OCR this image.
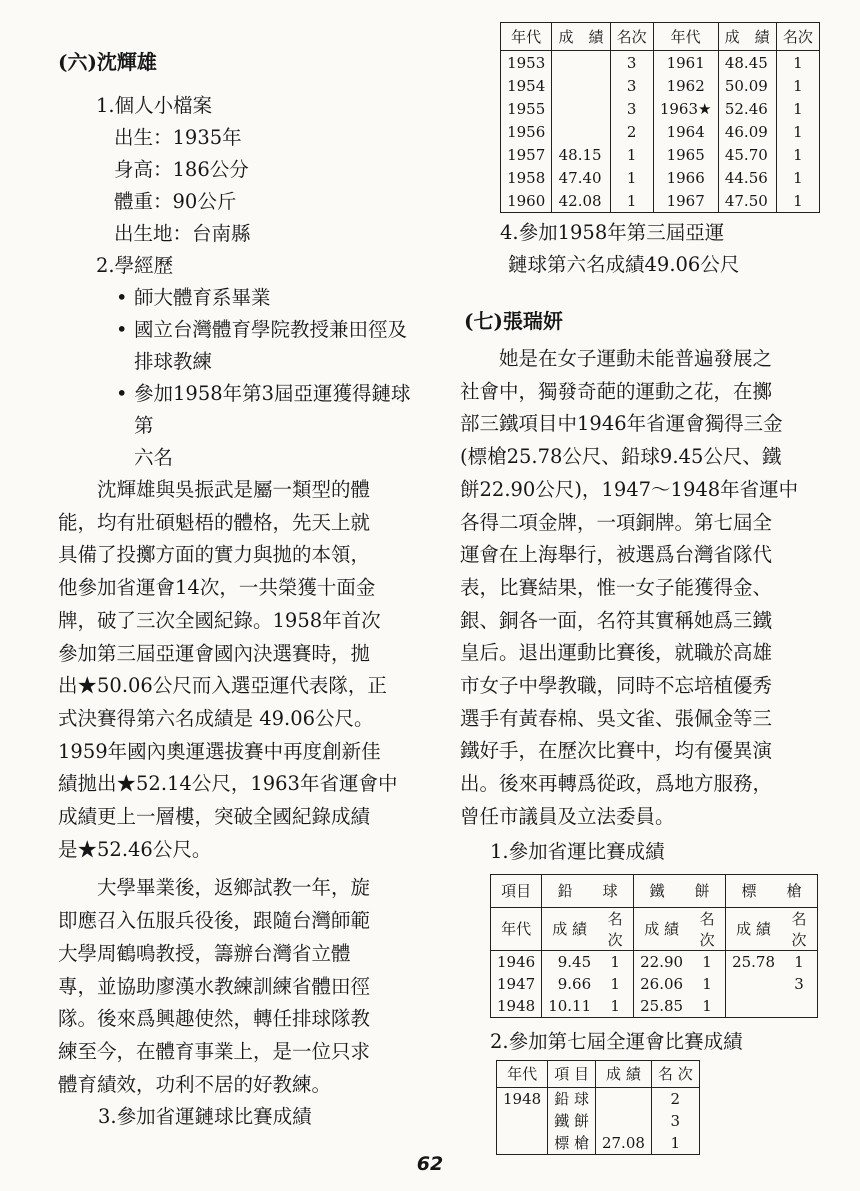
(六)沈輝雄

1.個人小檔案

出生：1935年

身高：186公分

體重：90公斤

出生地：台南縣

2.學經歷

• 師大體育系畢業
• 國立台灣體育學院教授兼田徑及
排球教練
• 參加1958年第3屆亞運獲得鏈球第
六名

　　沈輝雄與吳振武是屬一類型的體
能，均有壯碩魁梧的體格，先天上就
具備了投擲方面的實力與拋的本領，
他參加省運會14次，一共榮獲十面金
牌，破了三次全國紀錄。1958年首次
參加第三屆亞運會國內決選賽時，拋
出★50.06公尺而入選亞運代表隊，正
式決賽得第六名成績是 49.06公尺。
1959年國內奧運選拔賽中再度創新佳
績拋出★52.14公尺，1963年省運會中
成績更上一層樓，突破全國紀錄成績
是★52.46公尺。

　　大學畢業後，返鄉試教一年，旋
即應召入伍服兵役後，跟隨台灣師範
大學周鶴鳴教授，籌辦台灣省立體
專，並協助廖漢水教練訓練省體田徑
隊。後來爲興趣使然，轉任排球隊教
練至今，在體育事業上，是一位只求
體育績效，功利不居的好教練。

3.參加省運鏈球比賽成績

年代	成　績	名次	年代	成　績	名次
1953		3	1961	48.45	1
1954		3	1962	50.09	1
1955		3	1963★	52.46	1
1956		2	1964	46.09	1
1957	48.15	1	1965	45.70	1
1958	47.40	1	1966	44.56	1
1960	42.08	1	1967	47.50	1

4.參加1958年第三屆亞運

鏈球第六名成績49.06公尺

(七)張瑞妍

　　她是在女子運動未能普遍發展之
社會中，獨發奇葩的運動之花，在擲
部三鐵項目中1946年省運會獨得三金
(標槍25.78公尺、鉛球9.45公尺、鐵
餅22.90公尺)，1947～1948年省運中
各得二項金牌，一項銅牌。第七屆全
運會在上海舉行，被選爲台灣省隊代
表，比賽結果，惟一女子能獲得金、
銀、銅各一面，名符其實稱她爲三鐵
皇后。退出運動比賽後，就職於高雄
市女子中學教職，同時不忘培植優秀
選手有黃春棉、吳文雀、張佩金等三
鐵好手，在歷次比賽中，均有優異演
出。後來再轉爲從政，爲地方服務，
曾任市議員及立法委員。

1.參加省運比賽成績

項目	鉛　　球		鐵　　餅		標　　槍	
年代	成 績	名次	成 績	名次	成 績	名次
1946	9.45	1	22.90	1	25.78	1
1947	9.66	1	26.06	1		3
1948	10.11	1	25.85	1		

2.參加第七屆全運會比賽成績

年代	項 目	成 績	名 次
1948	鉛 球		2
	鐵 餅		3
	標 槍	27.08	1
62
